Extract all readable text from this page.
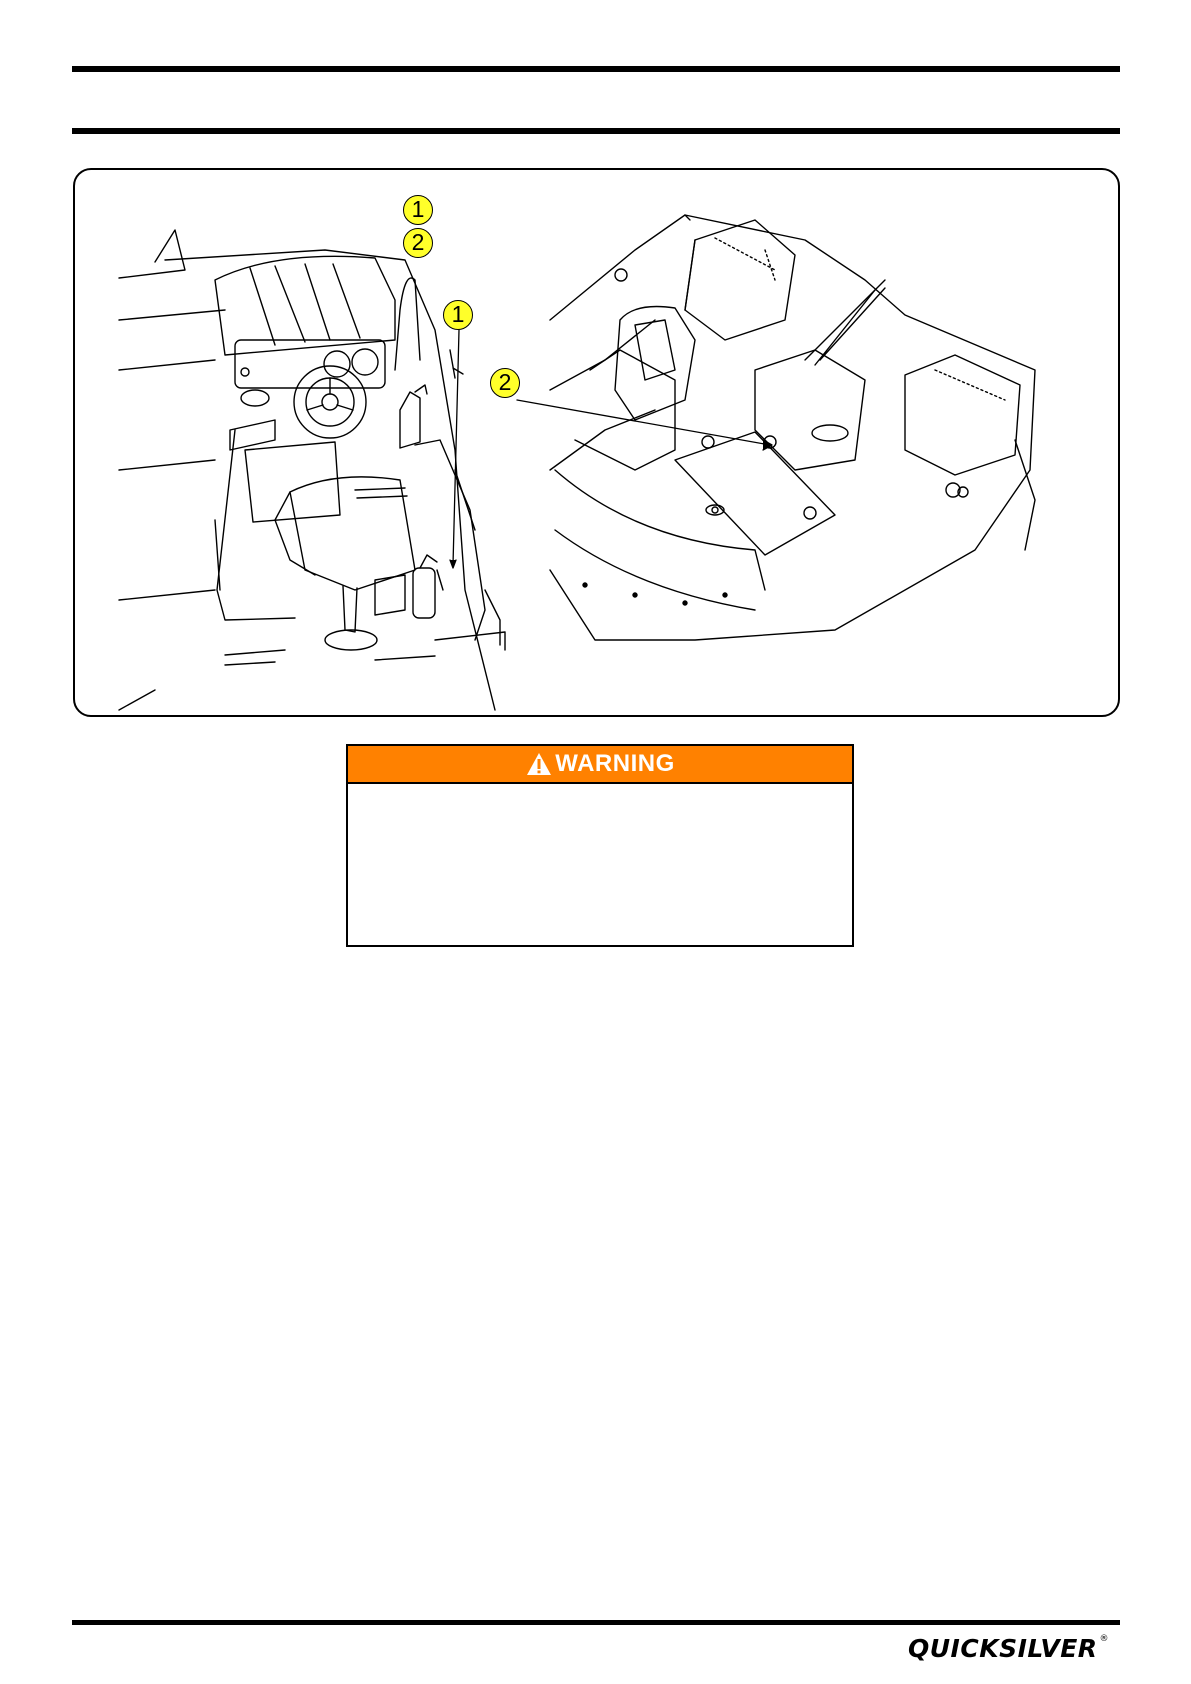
1
2
1
2
WARNING
QUICKSILVER ®
